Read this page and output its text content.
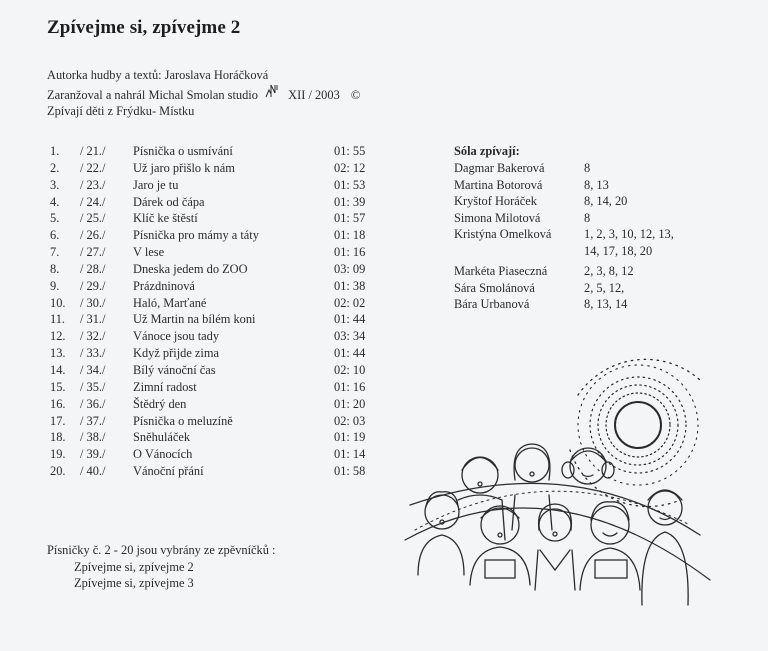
Zpívejme si, zpívejme 2
Autorka hudby a textů: Jaroslava Horáčková
Zaranžoval a nahrál Michal Smolan studio XII / 2003 ©
Zpívají děti z Frýdku- Místku
1. / 21./ Písnička o usmívání	01: 55
2. / 22./ Už jaro přišlo k nám	02: 12
3. / 23./ Jaro je tu	01: 53
4. / 24./ Dárek od čápa	01: 39
5. / 25./ Klíč ke štěstí	01: 57
6. / 26./ Písnička pro mámy a táty	01: 18
7. / 27./ V lese	01: 16
8. / 28./ Dneska jedem do ZOO	03: 09
9. / 29./ Prázdninová	01: 38
10. / 30./ Haló, Marťané	02: 02
11. / 31./ Už Martin na bílém koni	01: 44
12. / 32./ Vánoce jsou tady	03: 34
13. / 33./ Když přijde zima	01: 44
14. / 34./ Bílý vánoční čas	02: 10
15. / 35./ Zimní radost	01: 16
16. / 36./ Štědrý den	01: 20
17. / 37./ Písnička o meluzíně	02: 03
18. / 38./ Sněhuláček	01: 19
19. / 39./ O Vánocích	01: 14
20. / 40./ Vánoční přání	01: 58
Sóla zpívají:
Dagmar Bakerová	8
Martina Botorová	8, 13
Kryštof Horáček	8, 14, 20
Simona Milotová	8
Kristýna Omelková	1, 2, 3, 10, 12, 13,
14, 17, 18, 20
Markéta Piaseczná	2, 3, 8, 12
Sára Smolánová	2, 5, 12,
Bára Urbanová	8, 13, 14
Písničky č. 2 - 20 jsou vybrány ze zpěvníčků :
Zpívejme si, zpívejme 2
Zpívejme si, zpívejme 3
